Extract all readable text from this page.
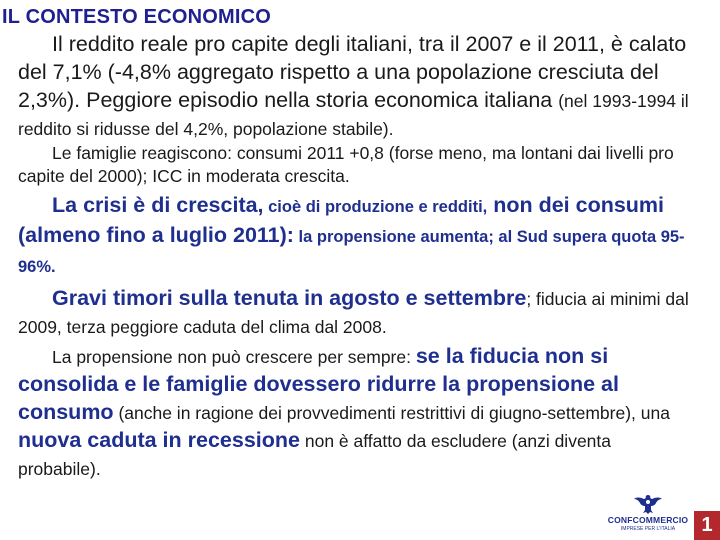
IL CONTESTO ECONOMICO

Il reddito reale pro capite degli italiani, tra il 2007 e il 2011, è calato del 7,1% (-4,8% aggregato rispetto a una popolazione cresciuta del 2,3%). Peggiore episodio nella storia economica italiana (nel 1993-1994 il reddito si ridusse del 4,2%, popolazione stabile).

Le famiglie reagiscono: consumi 2011 +0,8 (forse meno, ma lontani dai livelli pro capite del 2000); ICC in moderata crescita.

La crisi è di crescita, cioè di produzione e redditi, non dei consumi (almeno fino a luglio 2011): la propensione aumenta; al Sud supera quota 95-96%.

Gravi timori sulla tenuta in agosto e settembre; fiducia ai minimi dal 2009, terza peggiore caduta del clima dal 2008.

La propensione non può crescere per sempre: se la fiducia non si consolida e le famiglie dovessero ridurre la propensione al consumo (anche in ragione dei provvedimenti restrittivi di giugno-settembre), una nuova caduta in recessione non è affatto da escludere (anzi diventa probabile).

CONFCOMMERCIO
IMPRESE PER L'ITALIA	1
